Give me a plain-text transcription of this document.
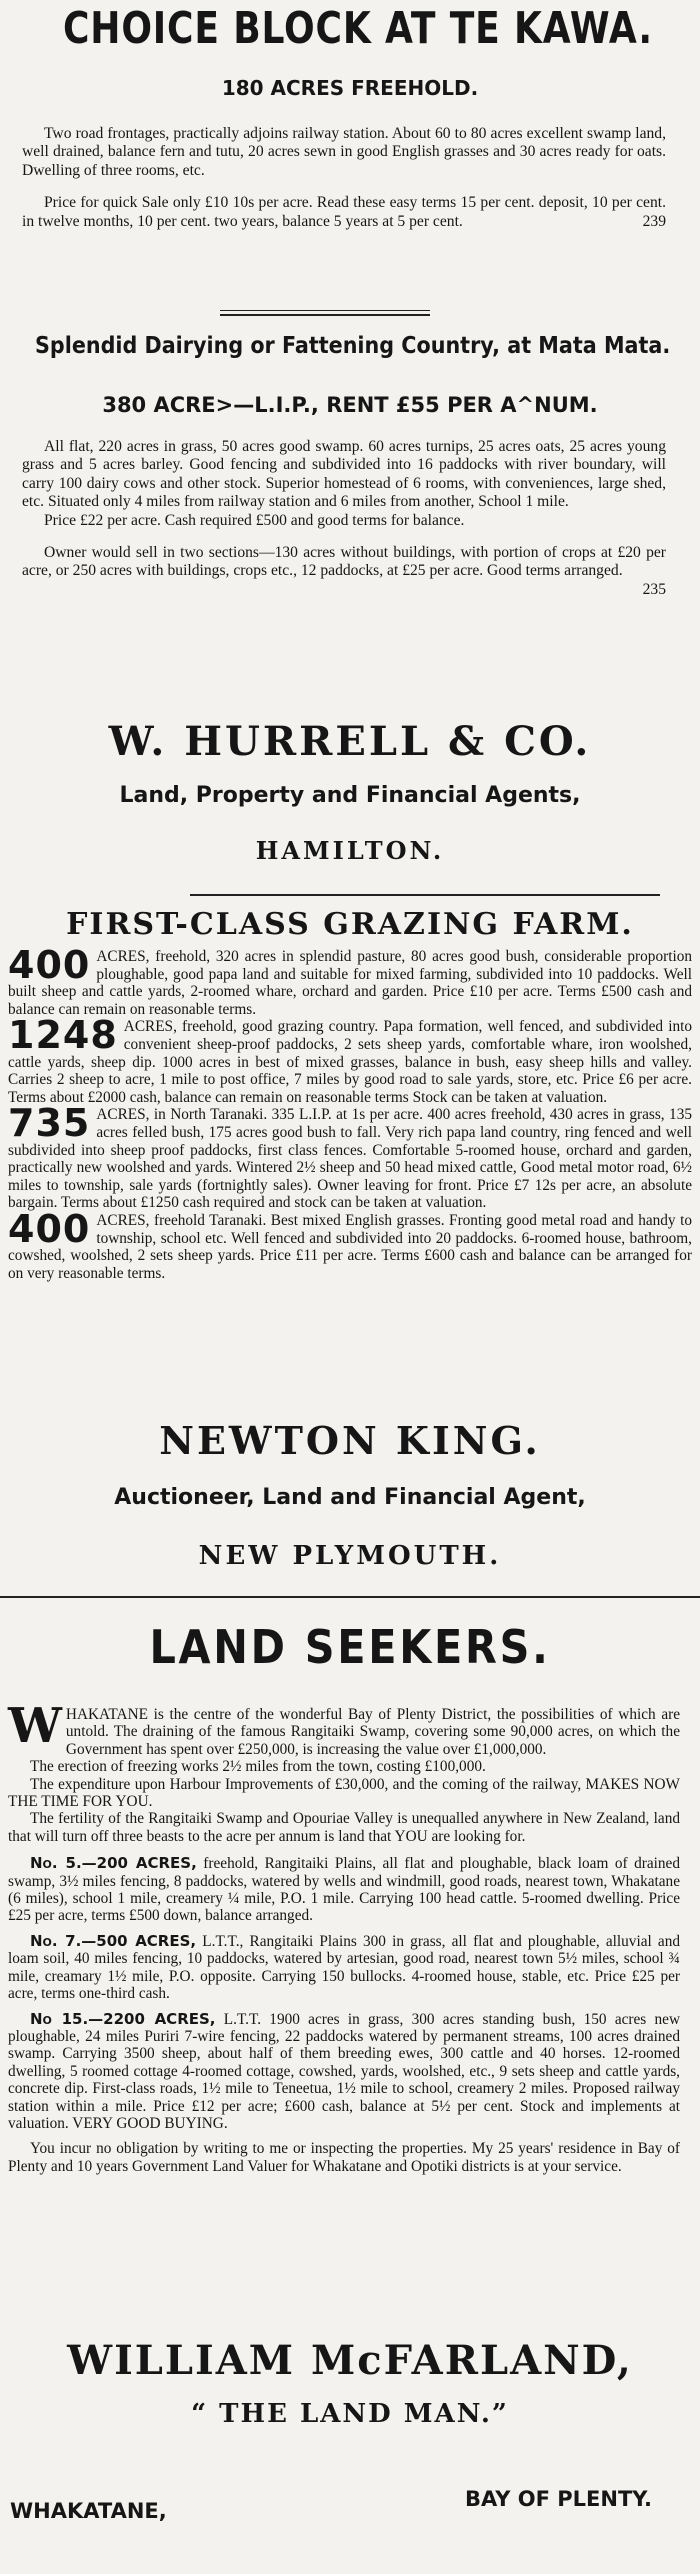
CHOICE BLOCK AT TE KAWA.
180 ACRES FREEHOLD.

Two road frontages, practically adjoins railway station. About 60 to 80 acres excellent swamp land, well drained, balance fern and tutu, 20 acres sewn in good English grasses and 30 acres ready for oats. Dwelling of three rooms, etc.

Price for quick Sale only £10 10s per acre. Read these easy terms 15 per cent. deposit, 10 per cent. in twelve months, 10 per cent. two years, balance 5 years at 5 per cent.	239

Splendid Dairying or Fattening Country, at Mata Mata.
380 ACRE>—L.I.P., RENT £55 PER A^NUM.

All flat, 220 acres in grass, 50 acres good swamp. 60 acres turnips, 25 acres oats, 25 acres young grass and 5 acres barley. Good fencing and subdivided into 16 paddocks with river boundary, will carry 100 dairy cows and other stock. Superior homestead of 6 rooms, with conveniences, large shed, etc. Situated only 4 miles from railway station and 6 miles from another, School 1 mile.

Price £22 per acre. Cash required £500 and good terms for balance.

Owner would sell in two sections—130 acres without buildings, with portion of crops at £20 per acre, or 250 acres with buildings, crops etc., 12 paddocks, at £25 per acre. Good terms arranged.
235

W. HURRELL & CO.
Land, Property and Financial Agents,
HAMILTON.
FIRST-CLASS GRAZING FARM.

400 ACRES, freehold, 320 acres in splendid pasture, 80 acres good bush, considerable proportion ploughable, good papa land and suitable for mixed farming, subdivided into 10 paddocks. Well built sheep and cattle yards, 2-roomed whare, orchard and garden. Price £10 per acre. Terms £500 cash and balance can remain on reasonable terms.

1248 ACRES, freehold, good grazing country. Papa formation, well fenced, and subdivided into convenient sheep-proof paddocks, 2 sets sheep yards, comfortable whare, iron woolshed, cattle yards, sheep dip. 1000 acres in best of mixed grasses, balance in bush, easy sheep hills and valley. Carries 2 sheep to acre, 1 mile to post office, 7 miles by good road to sale yards, store, etc. Price £6 per acre. Terms about £2000 cash, balance can remain on reasonable terms Stock can be taken at valuation.

735 ACRES, in North Taranaki. 335 L.I.P. at 1s per acre. 400 acres freehold, 430 acres in grass, 135 acres felled bush, 175 acres good bush to fall. Very rich papa land country, ring fenced and well subdivided into sheep proof paddocks, first class fences. Comfortable 5-roomed house, orchard and garden, practically new woolshed and yards. Wintered 2½ sheep and 50 head mixed cattle, Good metal motor road, 6½ miles to township, sale yards (fortnightly sales). Owner leaving for front. Price £7 12s per acre, an absolute bargain. Terms about £1250 cash required and stock can be taken at valuation.

400 ACRES, freehold Taranaki. Best mixed English grasses. Fronting good metal road and handy to township, school etc. Well fenced and subdivided into 20 paddocks. 6-roomed house, bathroom, cowshed, woolshed, 2 sets sheep yards. Price £11 per acre. Terms £600 cash and balance can be arranged for on very reasonable terms.

NEWTON KING.
Auctioneer, Land and Financial Agent,
NEW PLYMOUTH.
LAND SEEKERS.

WHAKATANE is the centre of the wonderful Bay of Plenty District, the possibilities of which are untold. The draining of the famous Rangitaiki Swamp, covering some 90,000 acres, on which the Government has spent over £250,000, is increasing the value over £1,000,000.

The erection of freezing works 2½ miles from the town, costing £100,000.

The expenditure upon Harbour Improvements of £30,000, and the coming of the railway, MAKES NOW THE TIME FOR YOU.

The fertility of the Rangitaiki Swamp and Opouriae Valley is unequalled anywhere in New Zealand, land that will turn off three beasts to the acre per annum is land that YOU are looking for.

No. 5.—200 ACRES, freehold, Rangitaiki Plains, all flat and ploughable, black loam of drained swamp, 3½ miles fencing, 8 paddocks, watered by wells and windmill, good roads, nearest town, Whakatane (6 miles), school 1 mile, creamery ¼ mile, P.O. 1 mile. Carrying 100 head cattle. 5-roomed dwelling. Price £25 per acre, terms £500 down, balance arranged.

No. 7.—500 ACRES, L.T.T., Rangitaiki Plains 300 in grass, all flat and ploughable, alluvial and loam soil, 40 miles fencing, 10 paddocks, watered by artesian, good road, nearest town 5½ miles, school ¾ mile, creamary 1½ mile, P.O. opposite. Carrying 150 bullocks. 4-roomed house, stable, etc. Price £25 per acre, terms one-third cash.

No 15.—2200 ACRES, L.T.T. 1900 acres in grass, 300 acres standing bush, 150 acres new ploughable, 24 miles Puriri 7-wire fencing, 22 paddocks watered by permanent streams, 100 acres drained swamp. Carrying 3500 sheep, about half of them breeding ewes, 300 cattle and 40 horses. 12-roomed dwelling, 5 roomed cottage 4-roomed cottage, cowshed, yards, woolshed, etc., 9 sets sheep and cattle yards, concrete dip. First-class roads, 1½ mile to Teneetua, 1½ mile to school, creamery 2 miles. Proposed railway station within a mile. Price £12 per acre; £600 cash, balance at 5½ per cent. Stock and implements at valuation. VERY GOOD BUYING.

You incur no obligation by writing to me or inspecting the properties. My 25 years' residence in Bay of Plenty and 10 years Government Land Valuer for Whakatane and Opotiki districts is at your service.

WILLIAM McFARLAND,
“ THE LAND MAN.”
WHAKATANE,	BAY OF PLENTY.
